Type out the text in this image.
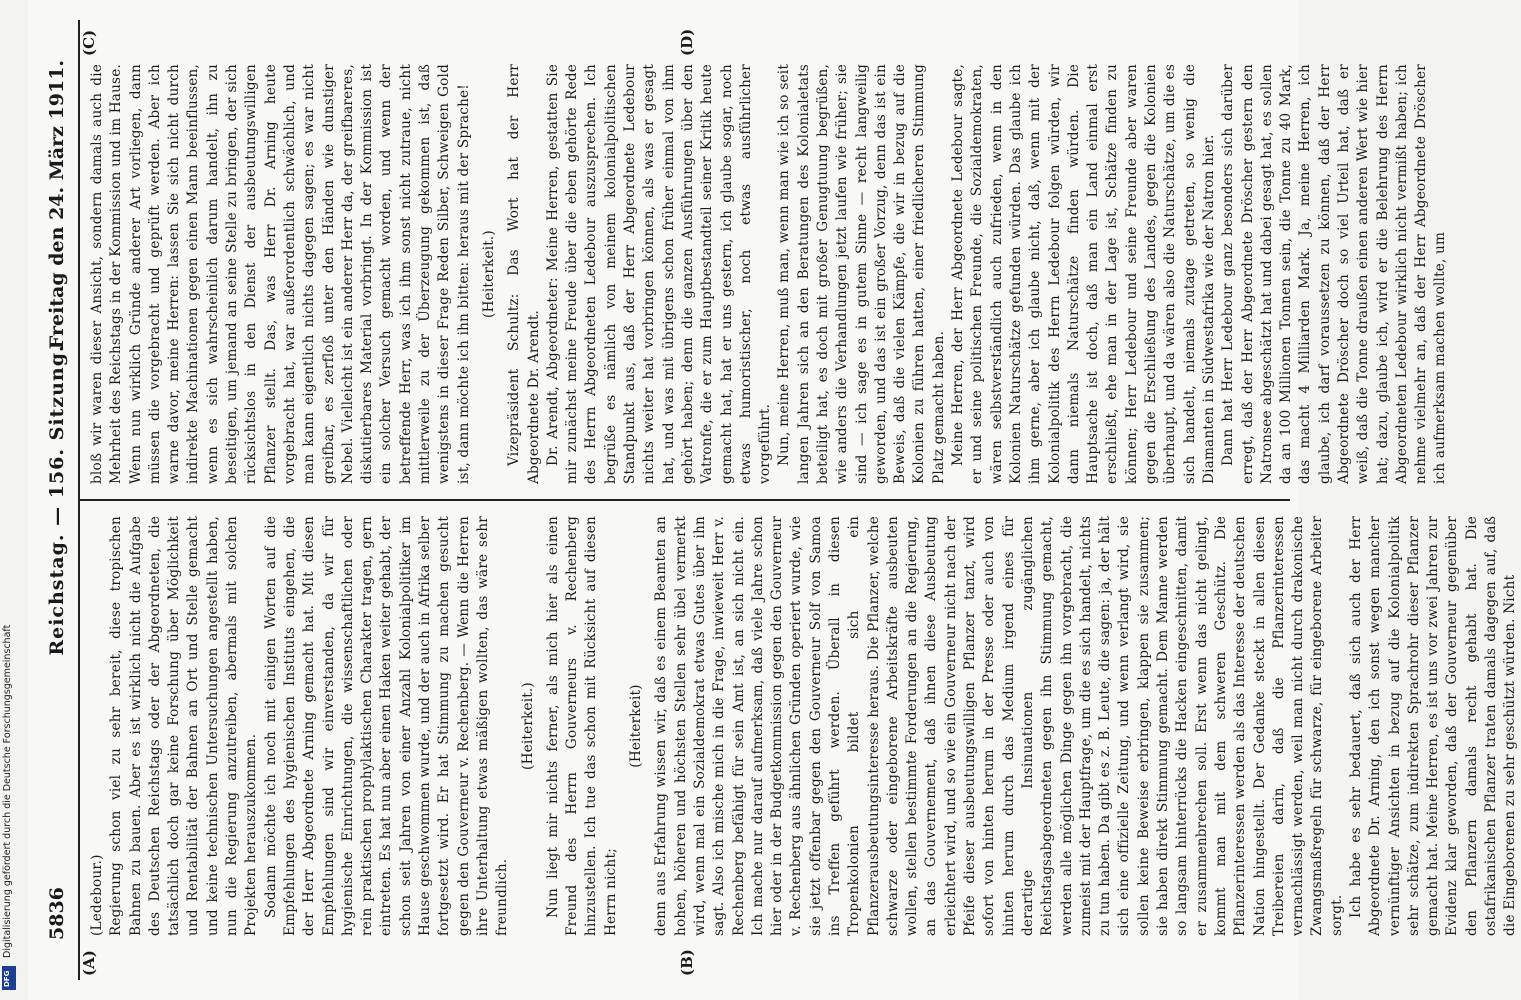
5836
Reichstag. — 156. Sitzung.
Freitag den 24. März 1911.
(A)	(B)
(C)	(D)

(Ledebour.) Regierung schon viel zu sehr bereit, diese tropischen Bahnen zu bauen. Aber es ist wirklich nicht die Aufgabe des Deutschen Reichstags oder der Abgeordneten, die tatsächlich doch gar keine Forschung über Möglichkeit und Rentabilität der Bahnen an Ort und Stelle gemacht und keine technischen Untersuchungen angestellt haben, nun die Regierung anzutreiben, abermals mit solchen Projekten herauszukommen. Sodann möchte ich noch mit einigen Worten auf die Empfehlungen des hygienischen Instituts eingehen, die der Herr Abgeordnete Arning gemacht hat. Mit diesen Empfehlungen sind wir einverstanden, da wir für hygienische Einrichtungen, die wissenschaftlichen oder rein praktischen prophylaktischen Charakter tragen, gern eintreten. Es hat nun aber einen Haken weiter gehabt, der schon seit Jahren von einer Anzahl Kolonialpolitiker im Hause geschwommen wurde, und der auch in Afrika selber fortgesetzt wird. Er hat Stimmung zu machen gesucht gegen den Gouverneur v. Rechenberg. — Wenn die Herren ihre Unterhaltung etwas mäßigen wollten, das wäre sehr freundlich.

(Heiterkeit.) Nun liegt mir nichts ferner, als mich hier als einen Freund des Herrn Gouverneurs v. Rechenberg hinzustellen. Ich tue das schon mit Rücksicht auf diesen Herrn nicht;

(Heiterkeit) denn aus Erfahrung wissen wir, daß es einem Beamten an hohen, höheren und höchsten Stellen sehr übel vermerkt wird, wenn mal ein Sozialdemokrat etwas Gutes über ihn sagt. Also ich mische mich in die Frage, inwieweit Herr v. Rechenberg befähigt für sein Amt ist, an sich nicht ein. Ich mache nur darauf aufmerksam, daß viele Jahre schon hier oder in der Budgetkommission gegen den Gouverneur v. Rechenberg aus ähnlichen Gründen operiert wurde, wie sie jetzt offenbar gegen den Gouverneur Solf von Samoa ins Treffen geführt werden. Überall in diesen Tropenkolonien bildet sich ein Pflanzerausbeutungsinteresse heraus. Die Pflanzer, welche schwarze oder eingeborene Arbeitskräfte ausbeuten wollen, stellen bestimmte Forderungen an die Regierung, an das Gouvernement, daß ihnen diese Ausbeutung erleichtert wird, und so wie ein Gouverneur nicht nach der Pfeife dieser ausbeutungswilligen Pflanzer tanzt, wird sofort von hinten herum in der Presse oder auch von hinten herum durch das Medium irgend eines für derartige Insinuationen zugänglichen Reichstagsabgeordneten gegen ihn Stimmung gemacht, werden alle möglichen Dinge gegen ihn vorgebracht, die zumeist mit der Hauptfrage, um die es sich handelt, nichts zu tun haben. Da gibt es z. B. Leute, die sagen: ja, der hält sich eine offizielle Zeitung, und wenn verlangt wird, sie sollen keine Beweise erbringen, klappen sie zusammen; sie haben direkt Stimmung gemacht. Dem Manne werden so langsam hinterrücks die Hacken eingeschnitten, damit er zusammenbrechen soll. Erst wenn das nicht gelingt, kommt man mit dem schweren Geschütz. Die Pflanzerinteressen werden als das Interesse der deutschen Nation hingestellt. Der Gedanke steckt in allen diesen Treibereien darin, daß die Pflanzerinteressen vernachlässigt werden, weil man nicht durch drakonische Zwangsmaßregeln für schwarze, für eingeborene Arbeiter sorgt. Ich habe es sehr bedauert, daß sich auch der Herr Abgeordnete Dr. Arning, den ich sonst wegen mancher vernünftiger Ansichten in bezug auf die Kolonialpolitik sehr schätze, zum indirekten Sprachrohr dieser Pflanzer gemacht hat. Meine Herren, es ist uns vor zwei Jahren zur Evidenz klar geworden, daß der Gouverneur gegenüber den Pflanzern damals recht gehabt hat. Die ostafrikanischen Pflanzer traten damals dagegen auf, daß die Eingeborenen zu sehr geschützt würden. Nicht

bloß wir waren dieser Ansicht, sondern damals auch die Mehrheit des Reichstags in der Kommission und im Hause. Wenn nun wirklich Gründe anderer Art vorliegen, dann müssen die vorgebracht und geprüft werden. Aber ich warne davor, meine Herren: lassen Sie sich nicht durch indirekte Machinationen gegen einen Mann beeinflussen, wenn es sich wahrscheinlich darum handelt, ihn zu beseitigen, um jemand an seine Stelle zu bringen, der sich rücksichtslos in den Dienst der ausbeutungswilligen Pflanzer stellt. Das, was Herr Dr. Arning heute vorgebracht hat, war außerordentlich schwächlich, und man kann eigentlich nichts dagegen sagen; es war nicht greifbar, es zerfloß unter den Händen wie dunstiger Nebel. Vielleicht ist ein anderer Herr da, der greifbareres, diskutierbares Material vorbringt. In der Kommission ist ein solcher Versuch gemacht worden, und wenn der betreffende Herr, was ich ihm sonst nicht zutraue, nicht mittlerweile zu der Überzeugung gekommen ist, daß wenigstens in dieser Frage Reden Silber, Schweigen Gold ist, dann möchte ich ihn bitten: heraus mit der Sprache! (Heiterkeit.) Vizepräsident Schultz: Das Wort hat der Herr Abgeordnete Dr. Arendt. Dr. Arendt, Abgeordneter: Meine Herren, gestatten Sie mir zunächst meine Freude über die eben gehörte Rede des Herrn Abgeordneten Ledebour auszusprechen. Ich begrüße es nämlich von meinem kolonialpolitischen Standpunkt aus, daß der Herr Abgeordnete Ledebour nichts weiter hat vorbringen können, als was er gesagt hat, und was mit übrigens schon früher einmal von ihm gehört haben; denn die ganzen Ausführungen über den Vatronfe, die er zum Hauptbestandteil seiner Kritik heute gemacht hat, hat er uns gestern, ich glaube sogar, noch etwas humoristischer, noch etwas ausführlicher vorgeführt. Nun, meine Herren, muß man, wenn man wie ich so seit langen Jahren sich an den Beratungen des Kolonialetats beteiligt hat, es doch mit großer Genugtuung begrüßen, wie anders die Verhandlungen jetzt laufen wie früher; sie sind — ich sage es in gutem Sinne — recht langweilig geworden, und das ist ein großer Vorzug, denn das ist ein Beweis, daß die vielen Kämpfe, die wir in bezug auf die Kolonien zu führen hatten, einer friedlicheren Stimmung Platz gemacht haben. Meine Herren, der Herr Abgeordnete Ledebour sagte, er und seine politischen Freunde, die Sozialdemokraten, wären selbstverständlich auch zufrieden, wenn in den Kolonien Naturschätze gefunden würden. Das glaube ich ihm gerne, aber ich glaube nicht, daß, wenn mit der Kolonialpolitik des Herrn Ledebour folgen würden, wir dann niemals Naturschätze finden würden. Die Hauptsache ist doch, daß man ein Land einmal erst erschließt, ehe man in der Lage ist, Schätze finden zu können; Herr Ledebour und seine Freunde aber waren gegen die Erschließung des Landes, gegen die Kolonien überhaupt, und da wären also die Naturschätze, um die es sich handelt, niemals zutage getreten, so wenig die Diamanten in Südwestafrika wie der Natron hier. Dann hat Herr Ledebour ganz besonders sich darüber erregt, daß der Herr Abgeordnete Dröscher gestern den Natronsee abgeschätzt hat und dabei gesagt hat, es sollen da an 100 Millionen Tonnen sein, die Tonne zu 40 Mark, das macht 4 Milliarden Mark. Ja, meine Herren, ich glaube, ich darf voraussetzen zu können, daß der Herr Abgeordnete Dröscher doch so viel Urteil hat, daß er weiß, daß die Tonne draußen einen anderen Wert wie hier hat; dazu, glaube ich, wird er die Belehrung des Herrn Abgeordneten Ledebour wirklich nicht vermißt haben; ich nehme vielmehr an, daß der Herr Abgeordnete Dröscher ich aufmerksam machen wollte, um

Digitalisierung gefördert durch die Deutsche Forschungsgemeinschaft
DFG
